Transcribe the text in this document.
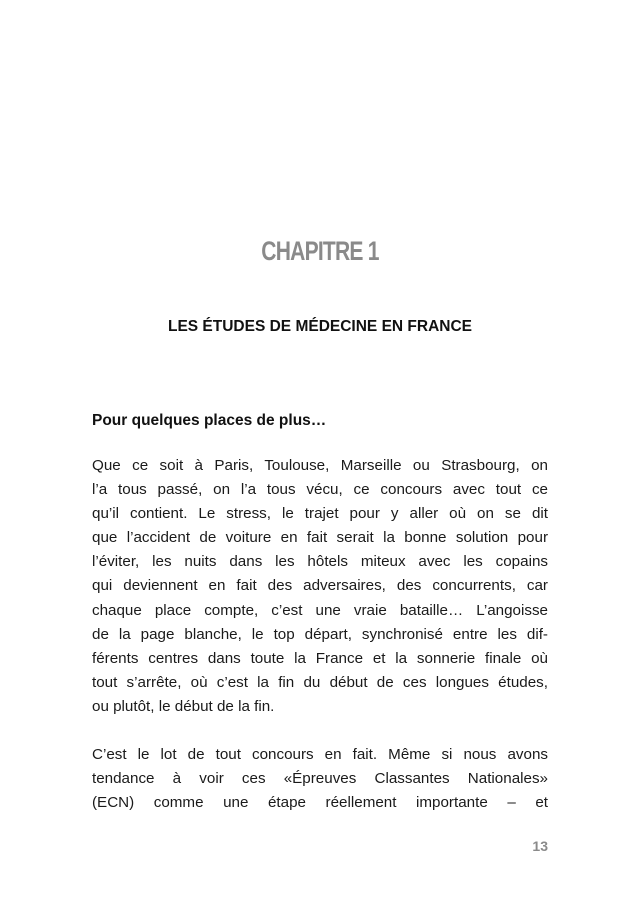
CHAPITRE 1
LES ÉTUDES DE MÉDECINE EN FRANCE
Pour quelques places de plus…
Que ce soit à Paris, Toulouse, Marseille ou Strasbourg, on
l’a tous passé, on l’a tous vécu, ce concours avec tout ce
qu’il contient. Le stress, le trajet pour y aller où on se dit
que l’accident de voiture en fait serait la bonne solution pour
l’éviter, les nuits dans les hôtels miteux avec les copains
qui deviennent en fait des adversaires, des concurrents, car
chaque place compte, c’est une vraie bataille… L’angoisse
de la page blanche, le top départ, synchronisé entre les dif-
férents centres dans toute la France et la sonnerie finale où
tout s’arrête, où c’est la fin du début de ces longues études,
ou plutôt, le début de la fin.
C’est le lot de tout concours en fait. Même si nous avons
tendance à voir ces «Épreuves Classantes Nationales»
(ECN) comme une étape réellement importante – et
13
